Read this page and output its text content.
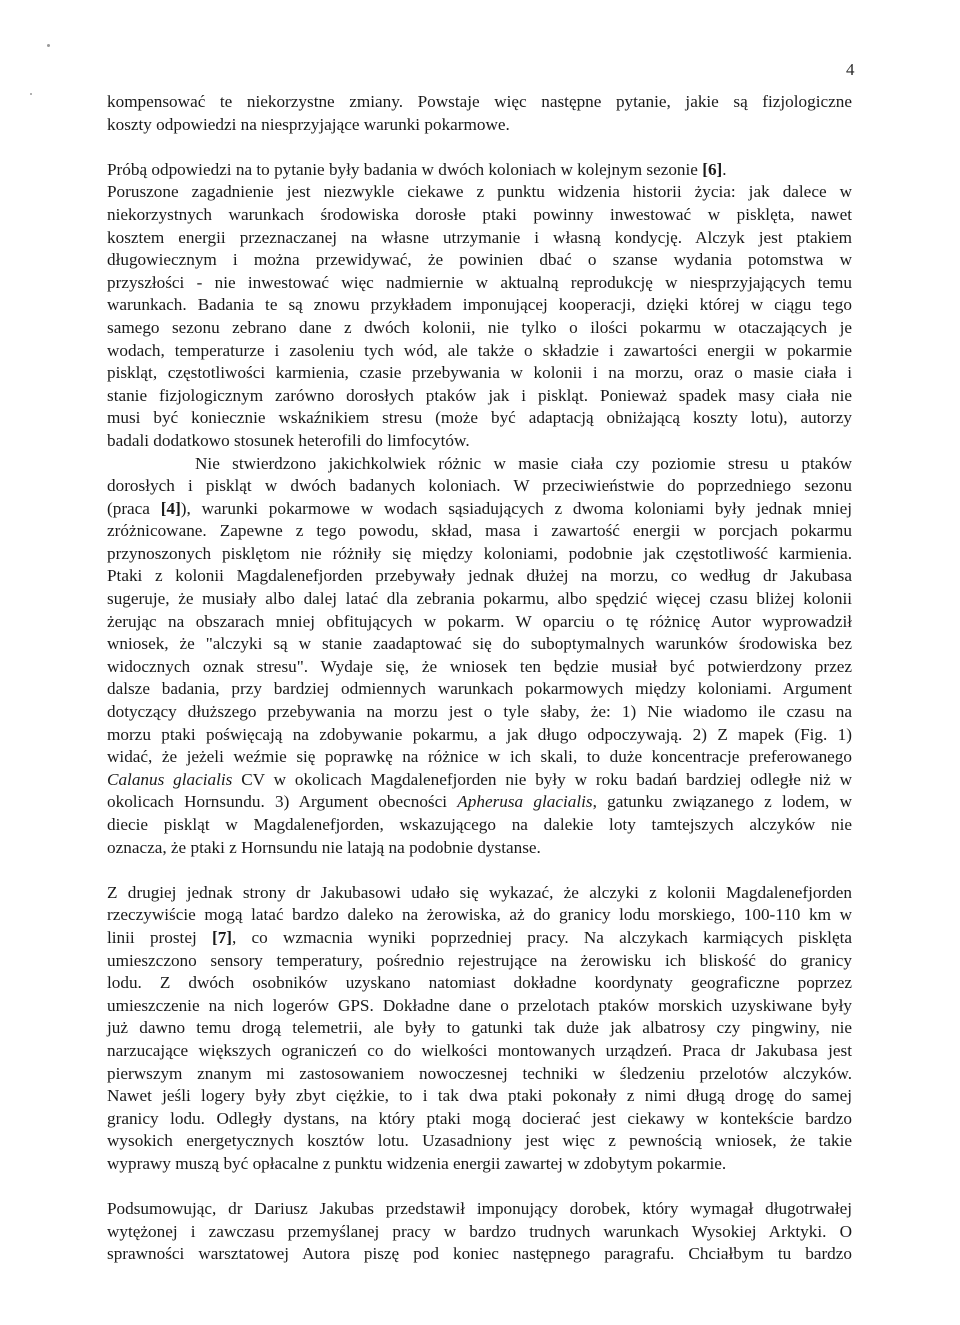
4
kompensować te niekorzystne zmiany. Powstaje więc następne pytanie, jakie są fizjologiczne
koszty odpowiedzi na niesprzyjające warunki pokarmowe.
Próbą odpowiedzi na to pytanie były badania w dwóch koloniach w kolejnym sezonie [6].
Poruszone zagadnienie jest niezwykle ciekawe z punktu widzenia historii życia: jak dalece w
niekorzystnych warunkach środowiska dorosłe ptaki powinny inwestować w pisklęta, nawet
kosztem energii przeznaczanej na własne utrzymanie i własną kondycję. Alczyk jest ptakiem
długowiecznym i można przewidywać, że powinien dbać o szanse wydania potomstwa w
przyszłości - nie inwestować więc nadmiernie w aktualną reprodukcję w niesprzyjających temu
warunkach. Badania te są znowu przykładem imponującej kooperacji, dzięki której w ciągu tego
samego sezonu zebrano dane z dwóch kolonii, nie tylko o ilości pokarmu w otaczających je
wodach, temperaturze i zasoleniu tych wód, ale także o składzie i zawartości energii w pokarmie
piskląt, częstotliwości karmienia, czasie przebywania w kolonii i na morzu, oraz o masie ciała i
stanie fizjologicznym zarówno dorosłych ptaków jak i piskląt. Ponieważ spadek masy ciała nie
musi być koniecznie wskaźnikiem stresu (może być adaptacją obniżającą koszty lotu), autorzy
badali dodatkowo stosunek heterofili do limfocytów.
Nie stwierdzono jakichkolwiek różnic w masie ciała czy poziomie stresu u ptaków
dorosłych i piskląt w dwóch badanych koloniach. W przeciwieństwie do poprzedniego sezonu
(praca [4]), warunki pokarmowe w wodach sąsiadujących z dwoma koloniami były jednak mniej
zróżnicowane. Zapewne z tego powodu, skład, masa i zawartość energii w porcjach pokarmu
przynoszonych pisklętom nie różniły się między koloniami, podobnie jak częstotliwość karmienia.
Ptaki z kolonii Magdalenefjorden przebywały jednak dłużej na morzu, co według dr Jakubasa
sugeruje, że musiały albo dalej latać dla zebrania pokarmu, albo spędzić więcej czasu bliżej kolonii
żerując na obszarach mniej obfitujących w pokarm. W oparciu o tę różnicę Autor wyprowadził
wniosek, że "alczyki są w stanie zaadaptować się do suboptymalnych warunków środowiska bez
widocznych oznak stresu". Wydaje się, że wniosek ten będzie musiał być potwierdzony przez
dalsze badania, przy bardziej odmiennych warunkach pokarmowych między koloniami. Argument
dotyczący dłuższego przebywania na morzu jest o tyle słaby, że: 1) Nie wiadomo ile czasu na
morzu ptaki poświęcają na zdobywanie pokarmu, a jak długo odpoczywają. 2) Z mapek (Fig. 1)
widać, że jeżeli weźmie się poprawkę na różnice w ich skali, to duże koncentracje preferowanego
Calanus glacialis CV w okolicach Magdalenefjorden nie były w roku badań bardziej odległe niż w
okolicach Hornsundu. 3) Argument obecności Apherusa glacialis, gatunku związanego z lodem, w
diecie piskląt w Magdalenefjorden, wskazującego na dalekie loty tamtejszych alczyków nie
oznacza, że ptaki z Hornsundu nie latają na podobnie dystanse.
Z drugiej jednak strony dr Jakubasowi udało się wykazać, że alczyki z kolonii Magdalenefjorden
rzeczywiście mogą latać bardzo daleko na żerowiska, aż do granicy lodu morskiego, 100-110 km w
linii prostej [7], co wzmacnia wyniki poprzedniej pracy. Na alczykach karmiących pisklęta
umieszczono sensory temperatury, pośrednio rejestrujące na żerowisku ich bliskość do granicy
lodu. Z dwóch osobników uzyskano natomiast dokładne koordynaty geograficzne poprzez
umieszczenie na nich logerów GPS. Dokładne dane o przelotach ptaków morskich uzyskiwane były
już dawno temu drogą telemetrii, ale były to gatunki tak duże jak albatrosy czy pingwiny, nie
narzucające większych ograniczeń co do wielkości montowanych urządzeń. Praca dr Jakubasa jest
pierwszym znanym mi zastosowaniem nowoczesnej techniki w śledzeniu przelotów alczyków.
Nawet jeśli logery były zbyt ciężkie, to i tak dwa ptaki pokonały z nimi długą drogę do samej
granicy lodu. Odległy dystans, na który ptaki mogą docierać jest ciekawy w kontekście bardzo
wysokich energetycznych kosztów lotu. Uzasadniony jest więc z pewnością wniosek, że takie
wyprawy muszą być opłacalne z punktu widzenia energii zawartej w zdobytym pokarmie.
Podsumowując, dr Dariusz Jakubas przedstawił imponujący dorobek, który wymagał długotrwałej
wytężonej i zawczasu przemyślanej pracy w bardzo trudnych warunkach Wysokiej Arktyki. O
sprawności warsztatowej Autora piszę pod koniec następnego paragrafu. Chciałbym tu bardzo
